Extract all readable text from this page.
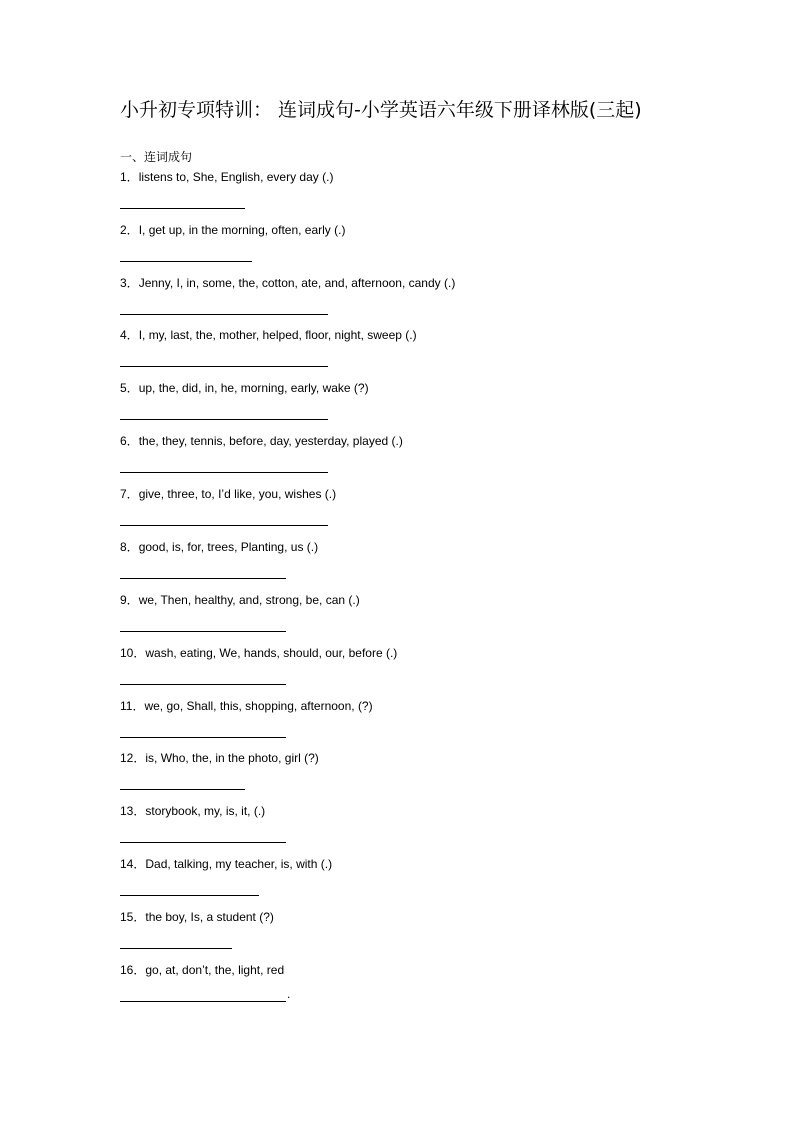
小升初专项特训： 连词成句-小学英语六年级下册译林版(三起)
一、连词成句
1．listens to, She, English, every day (.)
2．I, get up, in the morning, often, early (.)
3．Jenny, I, in, some, the, cotton, ate, and, afternoon, candy (.)
4．I, my, last, the, mother, helped, floor, night, sweep (.)
5．up, the, did, in, he, morning, early, wake (?)
6．the, they, tennis, before, day, yesterday, played (.)
7．give, three, to, I’d like, you, wishes (.)
8．good, is, for, trees, Planting, us (.)
9．we, Then, healthy, and, strong, be, can (.)
10．wash, eating, We, hands, should, our, before (.)
11．we, go, Shall, this, shopping, afternoon, (?)
12．is, Who, the, in the photo, girl (?)
13．storybook, my, is, it, (.)
14．Dad, talking, my teacher, is, with (.)
15．the boy, Is, a student (?)
16．go, at, don’t, the, light, red
.
